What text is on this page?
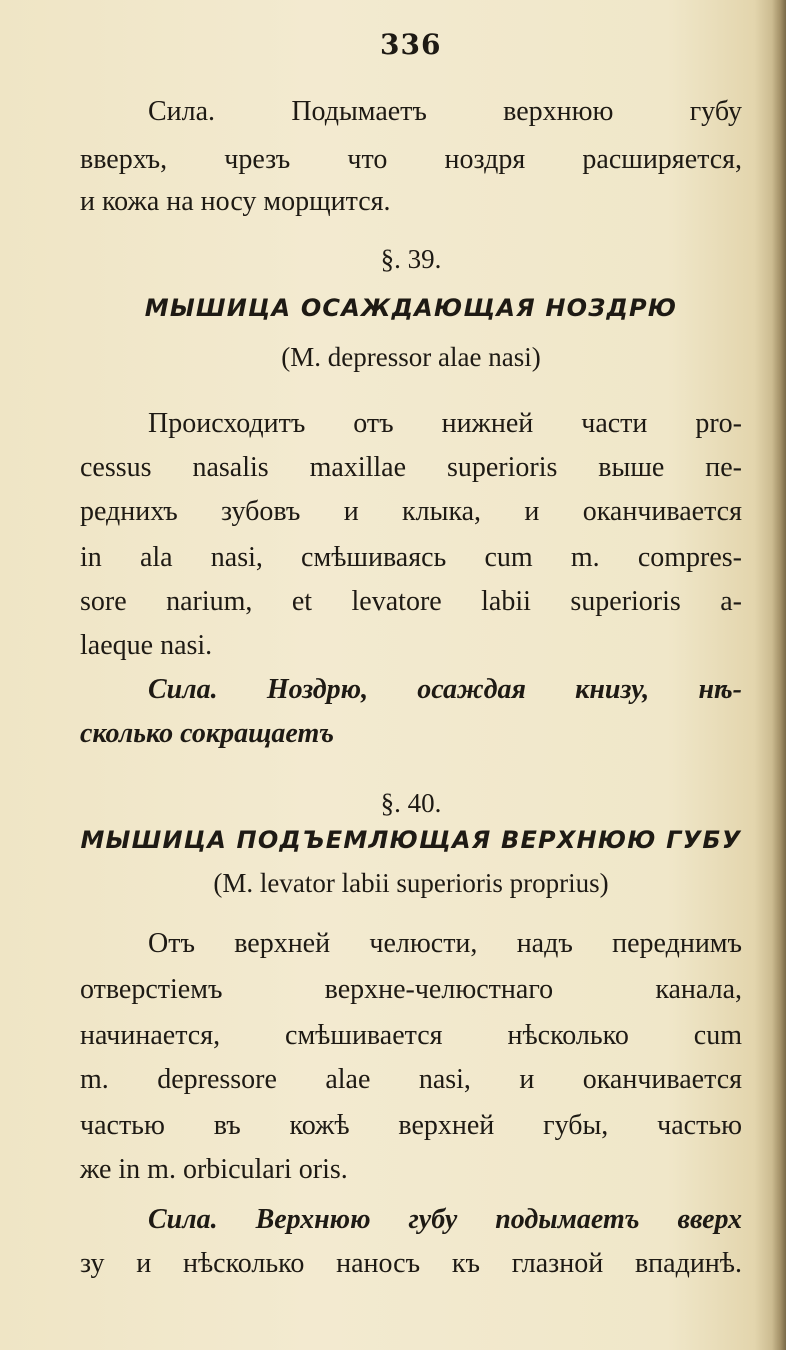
336
Сила. Подымаетъ верхнюю губу
вверхъ, чрезъ что ноздря расширяется,
и кожа на носу морщится.
§. 39.
МЫШИЦА ОСАЖДАЮЩАЯ НОЗДРЮ
(M. depressor alae nasi)
Происходитъ отъ нижней части pro-
cessus nasalis maxillae superioris выше пе-
реднихъ зубовъ и клыка, и оканчивается
in ala nasi, смѣшиваясь cum m. compres-
sore narium, et levatore labii superioris a-
laeque nasi.
Сила. Ноздрю, осаждая книзу, нѣ-
сколько сокращаетъ
§. 40.
МЫШИЦА ПОДЪЕМЛЮЩАЯ ВЕРХНЮЮ ГУБУ
(M. levator labii superioris proprius)
Отъ верхней челюсти, надъ переднимъ
отверстіемъ верхне-челюстнаго канала,
начинается, смѣшивается нѣсколько cum
m. depressore alae nasi, и оканчивается
частью въ кожѣ верхней губы, частью
же in m. orbiculari oris.
Сила. Верхнюю губу подымаетъ вверх
зу и нѣсколько наносъ къ глазной впадинѣ.
